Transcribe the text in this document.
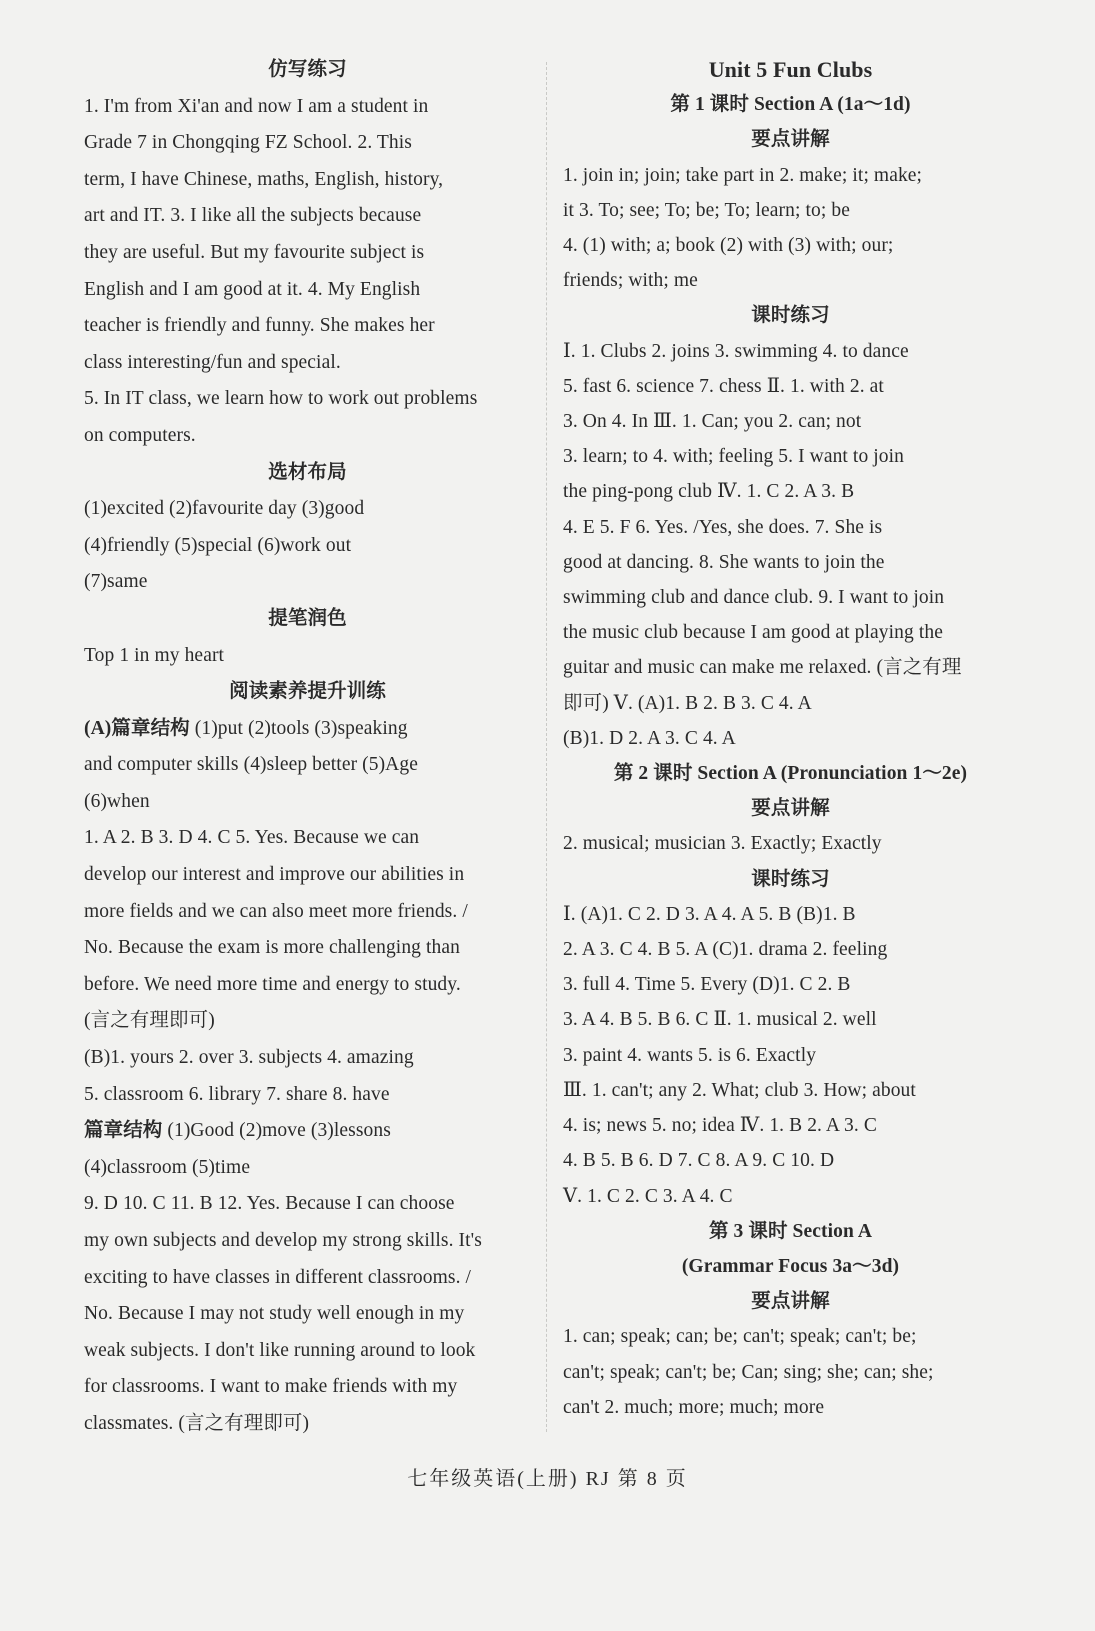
仿写练习

1. I'm from Xi'an and now I am a student in

Grade 7 in Chongqing FZ School. 2. This

term, I have Chinese, maths, English, history,

art and IT. 3. I like all the subjects because

they are useful. But my favourite subject is

English and I am good at it. 4. My English

teacher is friendly and funny. She makes her

class interesting/fun and special.

5. In IT class, we learn how to work out problems

on computers.

选材布局

(1)excited (2)favourite day (3)good

(4)friendly (5)special (6)work out

(7)same

提笔润色

Top 1 in my heart

阅读素养提升训练

(A)篇章结构 (1)put (2)tools (3)speaking

and computer skills (4)sleep better (5)Age

(6)when

1. A 2. B 3. D 4. C 5. Yes. Because we can

develop our interest and improve our abilities in

more fields and we can also meet more friends. /

No. Because the exam is more challenging than

before. We need more time and energy to study.

(言之有理即可)

(B)1. yours 2. over 3. subjects 4. amazing

5. classroom 6. library 7. share 8. have

篇章结构 (1)Good (2)move (3)lessons

(4)classroom (5)time

9. D 10. C 11. B 12. Yes. Because I can choose

my own subjects and develop my strong skills. It's

exciting to have classes in different classrooms. /

No. Because I may not study well enough in my

weak subjects. I don't like running around to look

for classrooms. I want to make friends with my

classmates. (言之有理即可)

Unit 5 Fun Clubs

第 1 课时 Section A (1a～1d)

要点讲解

1. join in; join; take part in 2. make; it; make;

it 3. To; see; To; be; To; learn; to; be

4. (1) with; a; book (2) with (3) with; our;

friends; with; me

课时练习

Ⅰ. 1. Clubs 2. joins 3. swimming 4. to dance

5. fast 6. science 7. chess Ⅱ. 1. with 2. at

3. On 4. In Ⅲ. 1. Can; you 2. can; not

3. learn; to 4. with; feeling 5. I want to join

the ping-pong club Ⅳ. 1. C 2. A 3. B

4. E 5. F 6. Yes. /Yes, she does. 7. She is

good at dancing. 8. She wants to join the

swimming club and dance club. 9. I want to join

the music club because I am good at playing the

guitar and music can make me relaxed. (言之有理

即可) Ⅴ. (A)1. B 2. B 3. C 4. A

(B)1. D 2. A 3. C 4. A

第 2 课时 Section A (Pronunciation 1～2e)

要点讲解

2. musical; musician 3. Exactly; Exactly

课时练习

Ⅰ. (A)1. C 2. D 3. A 4. A 5. B (B)1. B

2. A 3. C 4. B 5. A (C)1. drama 2. feeling

3. full 4. Time 5. Every (D)1. C 2. B

3. A 4. B 5. B 6. C Ⅱ. 1. musical 2. well

3. paint 4. wants 5. is 6. Exactly

Ⅲ. 1. can't; any 2. What; club 3. How; about

4. is; news 5. no; idea Ⅳ. 1. B 2. A 3. C

4. B 5. B 6. D 7. C 8. A 9. C 10. D

Ⅴ. 1. C 2. C 3. A 4. C

第 3 课时 Section A

(Grammar Focus 3a～3d)

要点讲解

1. can; speak; can; be; can't; speak; can't; be;

can't; speak; can't; be; Can; sing; she; can; she;

can't 2. much; more; much; more

七年级英语(上册) RJ 第 8 页
